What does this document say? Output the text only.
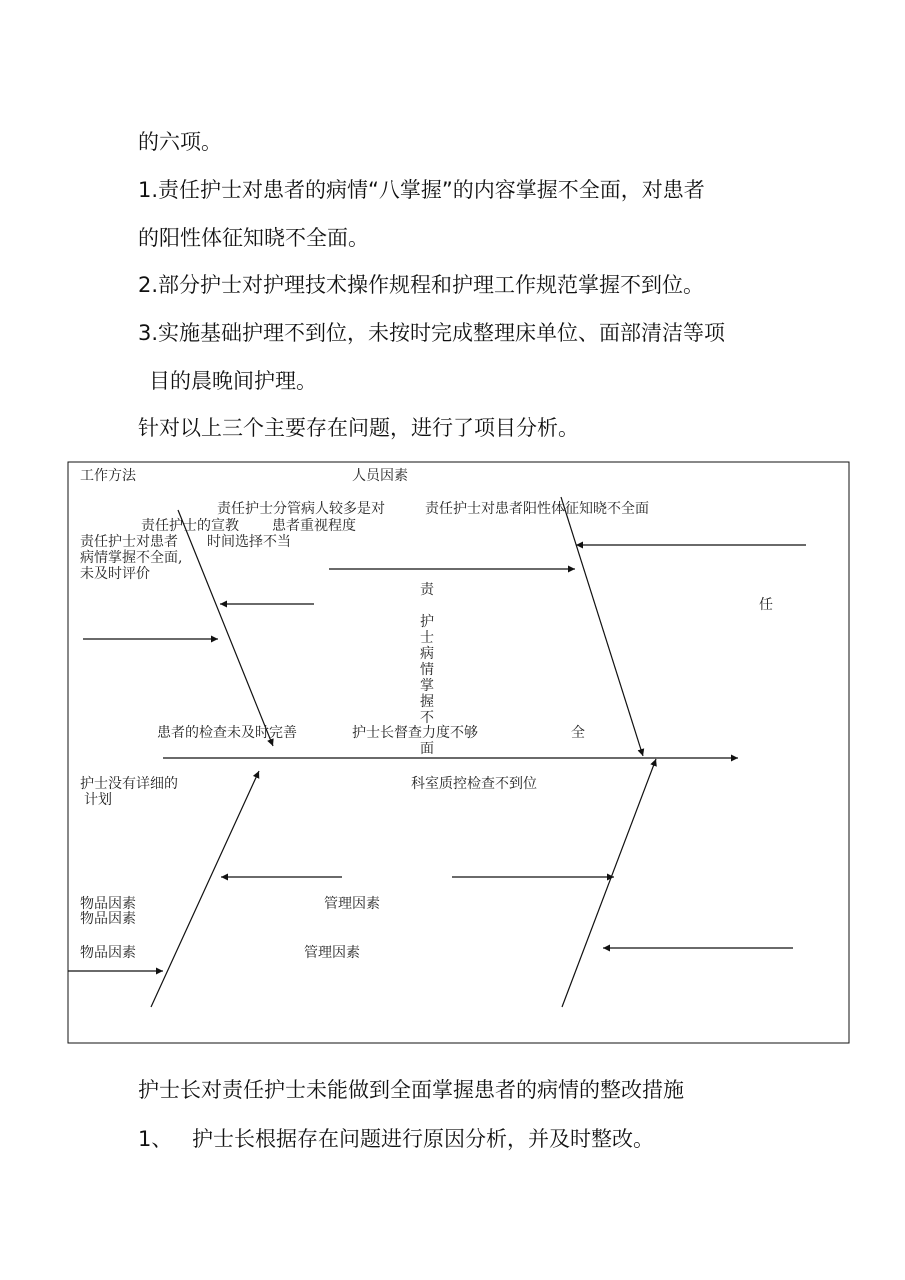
的六项。

1.责任护士对患者的病情“八掌握”的内容掌握不全面，对患者

的阳性体征知晓不全面。

2.部分护士对护理技术操作规程和护理工作规范掌握不到位。

3.实施基础护理不到位，未按时完成整理床单位、面部清洁等项

目的晨晚间护理。

针对以上三个主要存在问题，进行了项目分析。

工作方法	人员因素
责任护士分管病人较多是对	责任护士对患者阳性体征知晓不全面
责任护士的宣教 患者重视程度
责任护士对患者 时间选择不当
病情掌握不全面,
未及时评价
任
患者的检查未及时完善	护士长督查力度不够	全
护士没有详细的
计划
科室质控检查不到位
物品因素
物品因素
管理因素
物品因素	管理因素
责
护
士
病
情
掌
握
不
面

护士长对责任护士未能做到全面掌握患者的病情的整改措施

1、 护士长根据存在问题进行原因分析，并及时整改。
